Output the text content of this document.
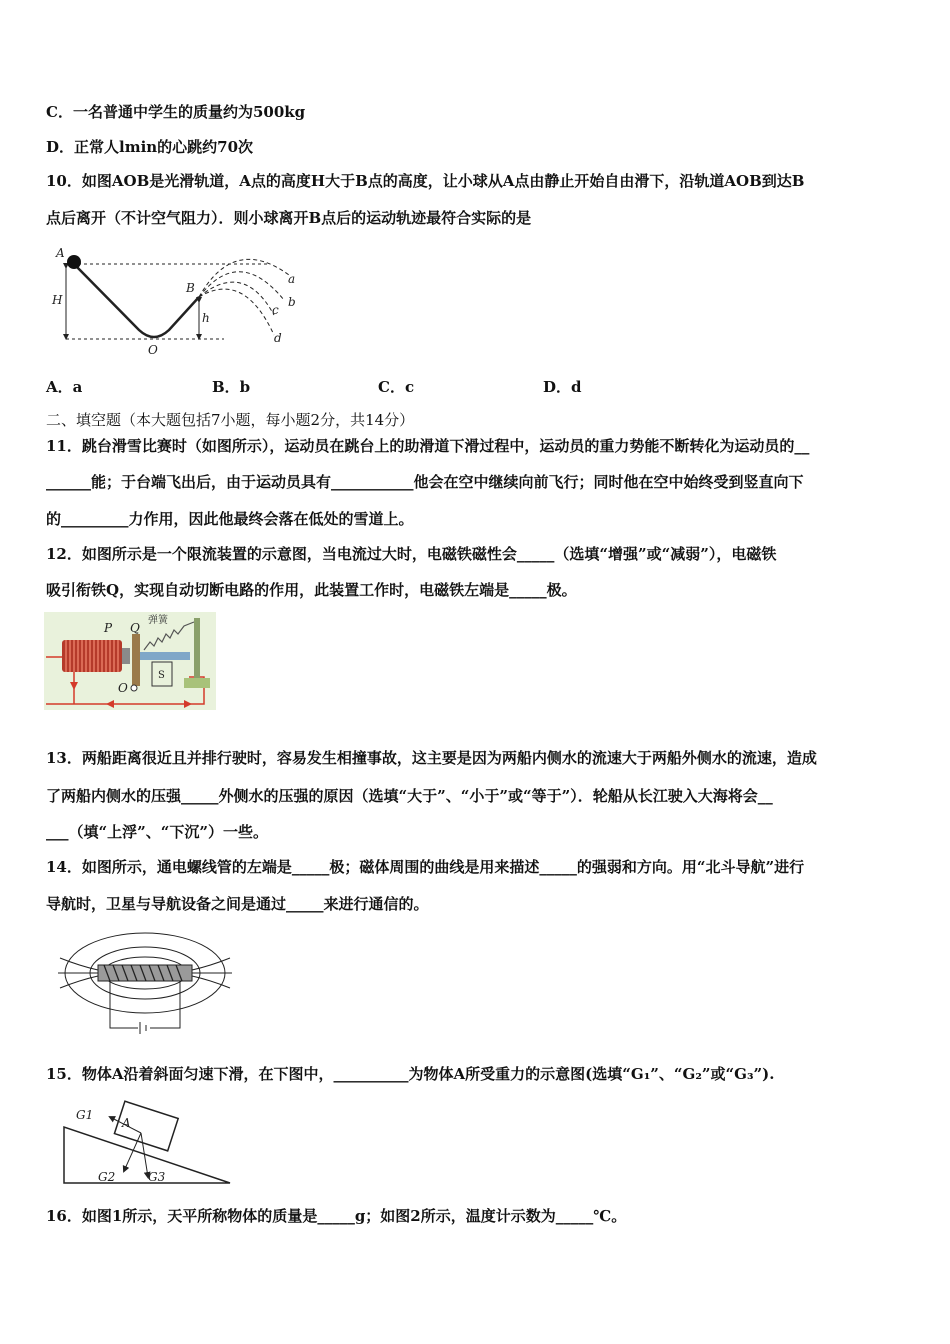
C．一名普通中学生的质量约为500kg
D．正常人lmin的心跳约70次
10．如图AOB是光滑轨道，A点的高度H大于B点的高度，让小球从A点由静止开始自由滑下，沿轨道AOB到达B
点后离开（不计空气阻力）．则小球离开B点后的运动轨迹最符合实际的是
A
H
O
B
h
a
b
c
d
A．a	B．b	C．c	D．d
二、填空题（本大题包括7小题，每小题2分，共14分）
11．跳台滑雪比赛时（如图所示），运动员在跳台上的助滑道下滑过程中，运动员的重力势能不断转化为运动员的__
______能；于台端飞出后，由于运动员具有___________他会在空中继续向前飞行；同时他在空中始终受到竖直向下
的_________力作用，因此他最终会落在低处的雪道上。
12．如图所示是一个限流装置的示意图，当电流过大时，电磁铁磁性会_____（选填“增强”或“减弱”），电磁铁
吸引衔铁Q，实现自动切断电路的作用，此装置工作时，电磁铁左端是_____极。
P Q
弹簧
O
S
13．两船距离很近且并排行驶时，容易发生相撞事故，这主要是因为两船内侧水的流速大于两船外侧水的流速，造成
了两船内侧水的压强_____外侧水的压强的原因（选填“大于”、“小于”或“等于”）．轮船从长江驶入大海将会__
___（填“上浮”、“下沉”）一些。
14．如图所示，通电螺线管的左端是_____极；磁体周围的曲线是用来描述_____的强弱和方向。用“北斗导航”进行
导航时，卫星与导航设备之间是通过_____来进行通信的。
15．物体A沿着斜面匀速下滑，在下图中，__________为物体A所受重力的示意图(选填“G₁”、“G₂”或“G₃”).
G1
A
G2	G3
16．如图1所示，天平所称物体的质量是_____g；如图2所示，温度计示数为_____℃。
